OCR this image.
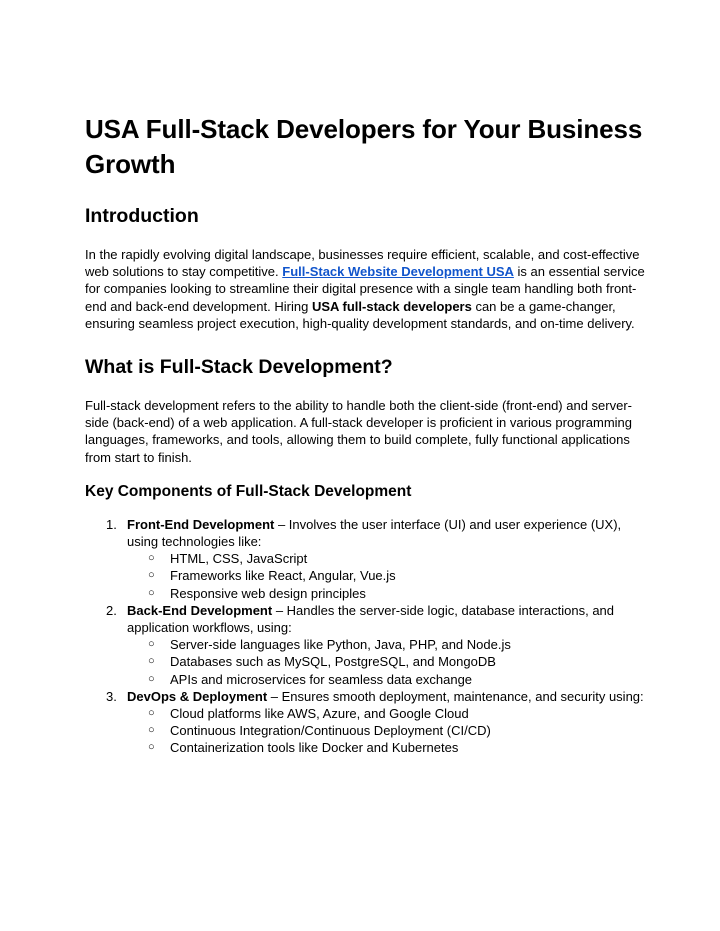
USA Full-Stack Developers for Your Business Growth
Introduction

In the rapidly evolving digital landscape, businesses require efficient, scalable, and cost-effective web solutions to stay competitive. Full-Stack Website Development USA is an essential service for companies looking to streamline their digital presence with a single team handling both front-end and back-end development. Hiring USA full-stack developers can be a game-changer, ensuring seamless project execution, high-quality development standards, and on-time delivery.

What is Full-Stack Development?

Full-stack development refers to the ability to handle both the client-side (front-end) and server-side (back-end) of a web application. A full-stack developer is proficient in various programming languages, frameworks, and tools, allowing them to build complete, fully functional applications from start to finish.

Key Components of Full-Stack Development
1. Front-End Development – Involves the user interface (UI) and user experience (UX), using technologies like:
○ HTML, CSS, JavaScript
○ Frameworks like React, Angular, Vue.js
○ Responsive web design principles
2. Back-End Development – Handles the server-side logic, database interactions, and application workflows, using:
○ Server-side languages like Python, Java, PHP, and Node.js
○ Databases such as MySQL, PostgreSQL, and MongoDB
○ APIs and microservices for seamless data exchange
3. DevOps & Deployment – Ensures smooth deployment, maintenance, and security using:
○ Cloud platforms like AWS, Azure, and Google Cloud
○ Continuous Integration/Continuous Deployment (CI/CD)
○ Containerization tools like Docker and Kubernetes
